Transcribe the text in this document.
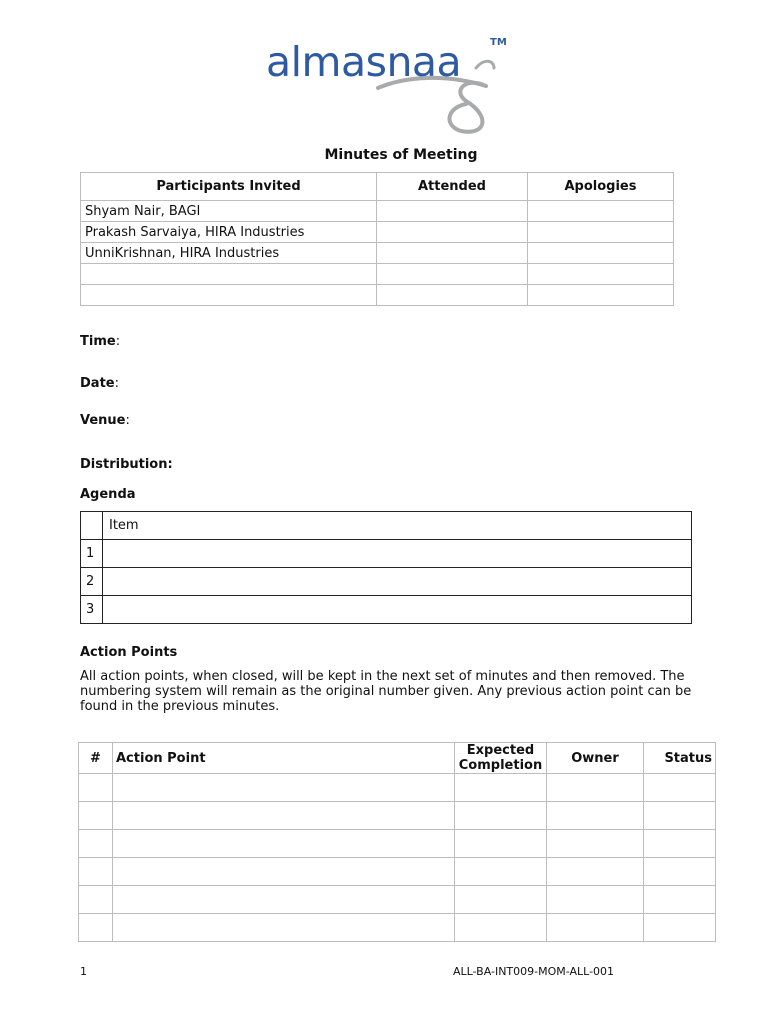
almasnaa	TM
Minutes of Meeting
Participants Invited	Attended	Apologies
Shyam Nair, BAGI		
Prakash Sarvaiya, HIRA Industries		
UnniKrishnan, HIRA Industries		

Time:
Date:
Venue:
Distribution:
Agenda
	Item
1	
2	
3	
Action Points
All action points, when closed, will be kept in the next set of minutes and then removed. The numbering system will remain as the original number given. Any previous action point can be found in the previous minutes.
#	Action Point	Expected Completion	Owner	Status

1	ALL-BA-INT009-MOM-ALL-001
